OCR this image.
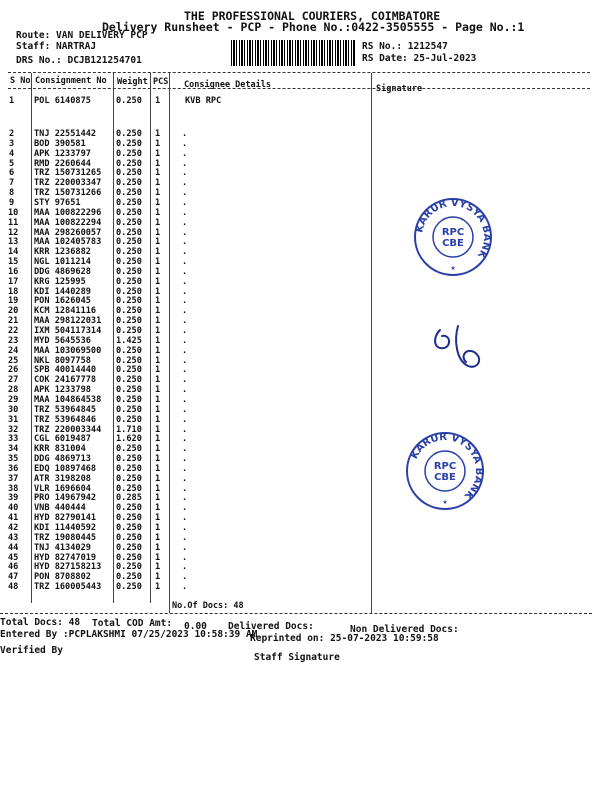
THE PROFESSIONAL COURIERS, COIMBATORE
Delivery Runsheet - PCP - Phone No.:0422-3505555 - Page No.:1
Route: VAN DELIVERY PCP
Staff: NARTRAJ
DRS No.: DCJB121254701
RS No.: 1212547
RS Date: 25-Jul-2023
S No Consignment No Weight PCS Consignee Details	Signature
1	POL 6140875	0.250 1	KVB RPC
2	TNJ 22551442 0.250 1	.
3	BOD 390581	0.250 1	.
4	APK 1233797	0.250 1	.
5	RMD 2260644	0.250 1	.
6	TRZ 150731265 0.250 1	.
7	TRZ 220003347 0.250 1	.
8	TRZ 150731266 0.250 1	.
9	STY 97651	0.250 1	.
10	MAA 100822296 0.250 1	.
11	MAA 100822294 0.250 1	.
12	MAA 298260057 0.250 1	.
13	MAA 102405783 0.250 1	.
14	KRR 1236882	0.250 1	.
15	NGL 1011214	0.250 1	.
16	DDG 4869628	0.250 1	.
17	KRG 125995	0.250 1	.
18	KDI 1440289	0.250 1	.
19	PON 1626045	0.250 1	.
20	KCM 12841116 0.250 1	.
21	MAA 298122031 0.250 1	.
22	IXM 504117314 0.250 1	.
23	MYD 5645536	1.425 1	.
24	MAA 103069500 0.250 1	.
25	NKL 8097758	0.250 1	.
26	SPB 40014440 0.250 1	.
27	COK 24167778 0.250 1	.
28	APK 1233798	0.250 1	.
29	MAA 104864538 0.250 1	.
30	TRZ 53964845 0.250 1	.
31	TRZ 53964846 0.250 1	.
32	TRZ 220003344 1.710 1	.
33	CGL 6019487	1.620 1	.
34	KRR 831004	0.250 1	.
35	DDG 4869713	0.250 1	.
36	EDQ 10897468 0.250 1	.
37	ATR 3198208	0.250 1	.
38	VLR 1696604	0.250 1	.
39	PRO 14967942 0.285 1	.
40	VNB 440444	0.250 1	.
41	HYD 82790141 0.250 1	.
42	KDI 11440592 0.250 1	.
43	TRZ 19080445 0.250 1	.
44	TNJ 4134029	0.250 1	.
45	HYD 82747019 0.250 1	.
46	HYD 827158213 0.250 1	.
47	PON 8708802	0.250 1	.
48	TRZ 160005443 0.250 1	.
KARUR VYSYA BANK
RPC
CBE
★
KARUR VYSYA BANK
RPC
CBE
★
No.Of Docs: 48
Total Docs: 48 Total COD Amt: 0.00 Delivered Docs:	Non Delivered Docs:
Entered By :PCPLAKSHMI 07/25/2023 10:58:39 AM
Reprinted on: 25-07-2023 10:59:58
Verified By
Staff Signature
